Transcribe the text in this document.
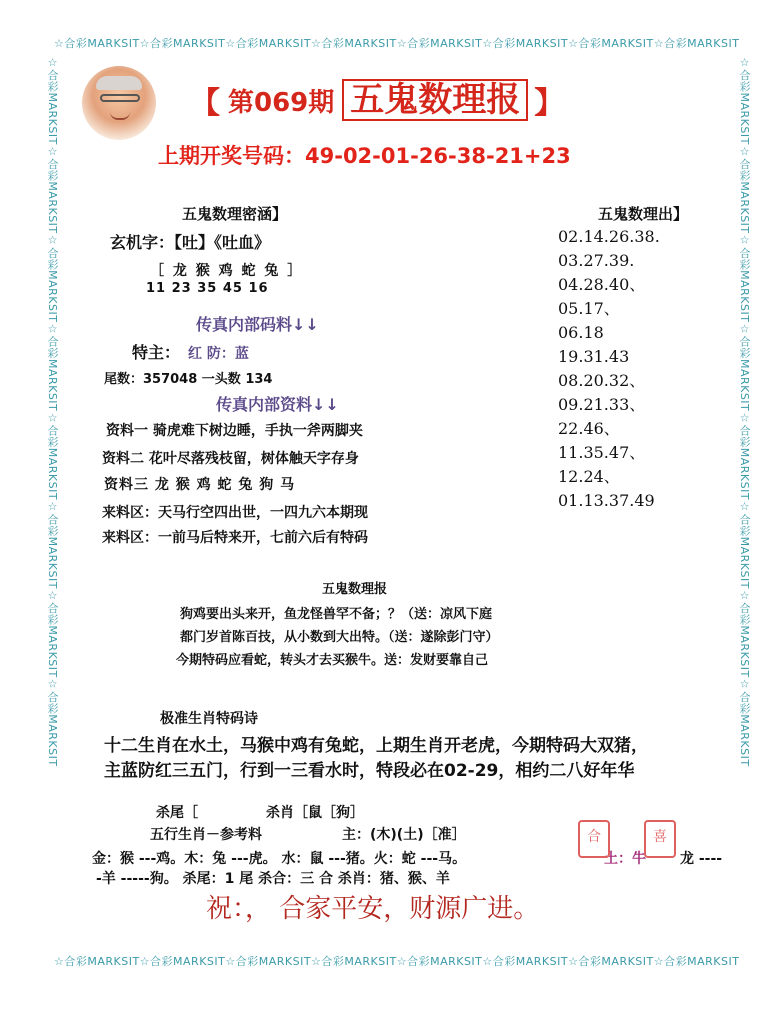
☆合彩MARKSIT☆合彩MARKSIT☆合彩MARKSIT☆合彩MARKSIT☆合彩MARKSIT☆合彩MARKSIT☆合彩MARKSIT☆合彩MARKSIT
☆合彩MARKSIT☆合彩MARKSIT☆合彩MARKSIT☆合彩MARKSIT☆合彩MARKSIT☆合彩MARKSIT☆合彩MARKSIT☆合彩MARKSIT
☆合彩MARKSIT☆合彩MARKSIT☆合彩MARKSIT☆合彩MARKSIT☆合彩MARKSIT☆合彩MARKSIT☆合彩MARKSIT☆合彩MARKSIT	☆合彩MARKSIT☆合彩MARKSIT☆合彩MARKSIT☆合彩MARKSIT☆合彩MARKSIT☆合彩MARKSIT☆合彩MARKSIT☆合彩MARKSIT
【 第069期 五鬼数理报 】
上期开奖号码：49-02-01-26-38-21+23
五鬼数理密涵】
玄机字：【吐】《吐血》
［ 龙 猴 鸡 蛇 兔 ］
11 23 35 45 16
传真内部码料↓↓
特主： 红 防：蓝
尾数：357048 一头数 134
传真内部资料↓↓
资料一 骑虎难下树边睡，手执一斧两脚夹
资料二 花叶尽落残枝留，树体触天字存身
资料三 龙 猴 鸡 蛇 兔 狗 马
来料区：天马行空四出世，一四九六本期现
来料区：一前马后特来开，七前六后有特码
五鬼数理出】
02.14.26.38.
03.27.39.
04.28.40、
05.17、
06.18
19.31.43
08.20.32、
09.21.33、
22.46、
11.35.47、
12.24、
01.13.37.49
五鬼数理报
狗鸡要出头来开，鱼龙怪兽罕不备；？（送：凉风下庭
都门岁首陈百技，从小数到大出特。（送：遂除彭门守）
今期特码应看蛇，转头才去买猴牛。送：发财要靠自己
极准生肖特码诗
十二生肖在水土，马猴中鸡有兔蛇，上期生肖开老虎，今期特码大双猪，
主蓝防红三五门，行到一三看水时，特段必在02-29，相约二八好年华
杀尾［	杀肖［鼠［狗］
五行生肖－参考料	主：(木)(土)［准］
金：猴 ---鸡。木：兔 ---虎。 水：鼠 ---猪。火：蛇 ---马。	土：牛 龙 ----
-羊 -----狗。 杀尾：1 尾 杀合：三 合 杀肖：猪、猴、羊
合	喜
祝：， 合家平安，财源广进。
